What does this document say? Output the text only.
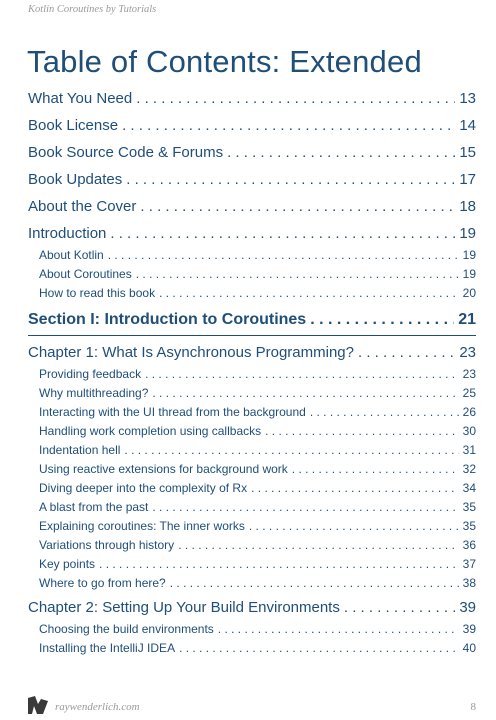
Kotlin Coroutines by Tutorials
Table of Contents: Extended
What You Need . . .	13
Book License . . .	14
Book Source Code & Forums . . .	15
Book Updates . . .	17
About the Cover . . .	18
Introduction . . .	19
About Kotlin . . .	19
About Coroutines . . .	19
How to read this book . . .	20
Section I: Introduction to Coroutines . . .	21
Chapter 1: What Is Asynchronous Programming? . . .	23
Providing feedback . . .	23
Why multithreading? . . .	25
Interacting with the UI thread from the background . . .	26
Handling work completion using callbacks . . .	30
Indentation hell . . .	31
Using reactive extensions for background work . . .	32
Diving deeper into the complexity of Rx . . .	34
A blast from the past . . .	35
Explaining coroutines: The inner works . . .	35
Variations through history . . .	36
Key points . . .	37
Where to go from here? . . .	38
Chapter 2: Setting Up Your Build Environments . . .	39
Choosing the build environments . . .	39
Installing the IntelliJ IDEA . . .	40
raywenderlich.com	8
